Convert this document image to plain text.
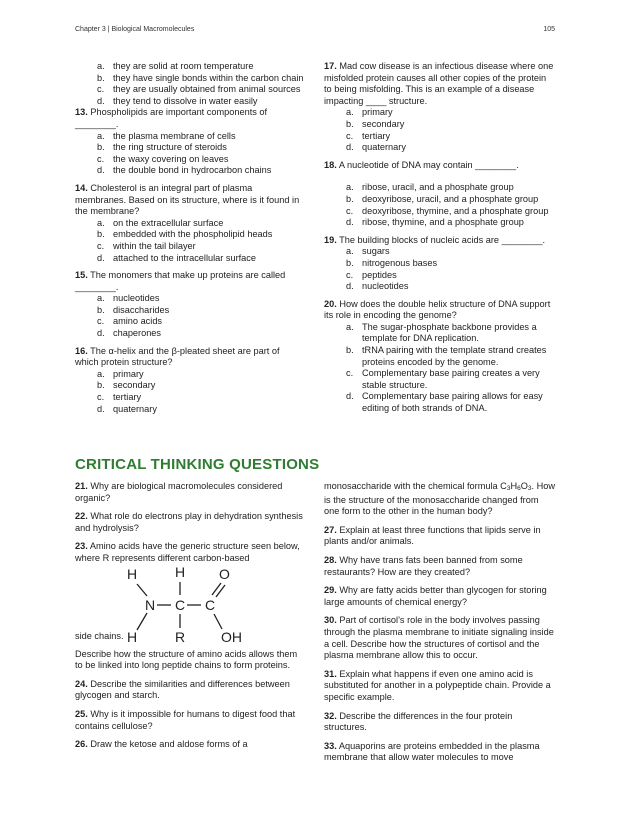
Chapter 3 | Biological Macromolecules	105
a. they are solid at room temperature
b. they have single bonds within the carbon chain
c. they are usually obtained from animal sources
d. they tend to dissolve in water easily
13. Phospholipids are important components of ________.
a. the plasma membrane of cells
b. the ring structure of steroids
c. the waxy covering on leaves
d. the double bond in hydrocarbon chains
14. Cholesterol is an integral part of plasma membranes. Based on its structure, where is it found in the membrane?
a. on the extracellular surface
b. embedded with the phospholipid heads
c. within the tail bilayer
d. attached to the intracellular surface
15. The monomers that make up proteins are called ________.
a. nucleotides
b. disaccharides
c. amino acids
d. chaperones
16. The α-helix and the β-pleated sheet are part of which protein structure?
a. primary
b. secondary
c. tertiary
d. quaternary
17. Mad cow disease is an infectious disease where one misfolded protein causes all other copies of the protein to being misfolding. This is an example of a disease impacting ____ structure.
a. primary
b. secondary
c. tertiary
d. quaternary
18. A nucleotide of DNA may contain ________.
a. ribose, uracil, and a phosphate group
b. deoxyribose, uracil, and a phosphate group
c. deoxyribose, thymine, and a phosphate group
d. ribose, thymine, and a phosphate group
19. The building blocks of nucleic acids are ________.
a. sugars
b. nitrogenous bases
c. peptides
d. nucleotides
20. How does the double helix structure of DNA support its role in encoding the genome?
a. The sugar-phosphate backbone provides a template for DNA replication.
b. tRNA pairing with the template strand creates proteins encoded by the genome.
c. Complementary base pairing creates a very stable structure.
d. Complementary base pairing allows for easy editing of both strands of DNA.
CRITICAL THINKING QUESTIONS
21. Why are biological macromolecules considered organic?
22. What role do electrons play in dehydration synthesis and hydrolysis?
23. Amino acids have the generic structure seen below, where R represents different carbon-based
H	H O
N C C
H	R	OH
side chains.
Describe how the structure of amino acids allows them to be linked into long peptide chains to form proteins.
24. Describe the similarities and differences between glycogen and starch.
25. Why is it impossible for humans to digest food that contains cellulose?
26. Draw the ketose and aldose forms of a
monosaccharide with the chemical formula $C_3H_6O_3$. How is the structure of the monosaccharide changed from one form to the other in the human body?
27. Explain at least three functions that lipids serve in plants and/or animals.
28. Why have trans fats been banned from some restaurants? How are they created?
29. Why are fatty acids better than glycogen for storing large amounts of chemical energy?
30. Part of cortisol’s role in the body involves passing through the plasma membrane to initiate signaling inside a cell. Describe how the structures of cortisol and the plasma membrane allow this to occur.
31. Explain what happens if even one amino acid is substituted for another in a polypeptide chain. Provide a specific example.
32. Describe the differences in the four protein structures.
33. Aquaporins are proteins embedded in the plasma membrane that allow water molecules to move
